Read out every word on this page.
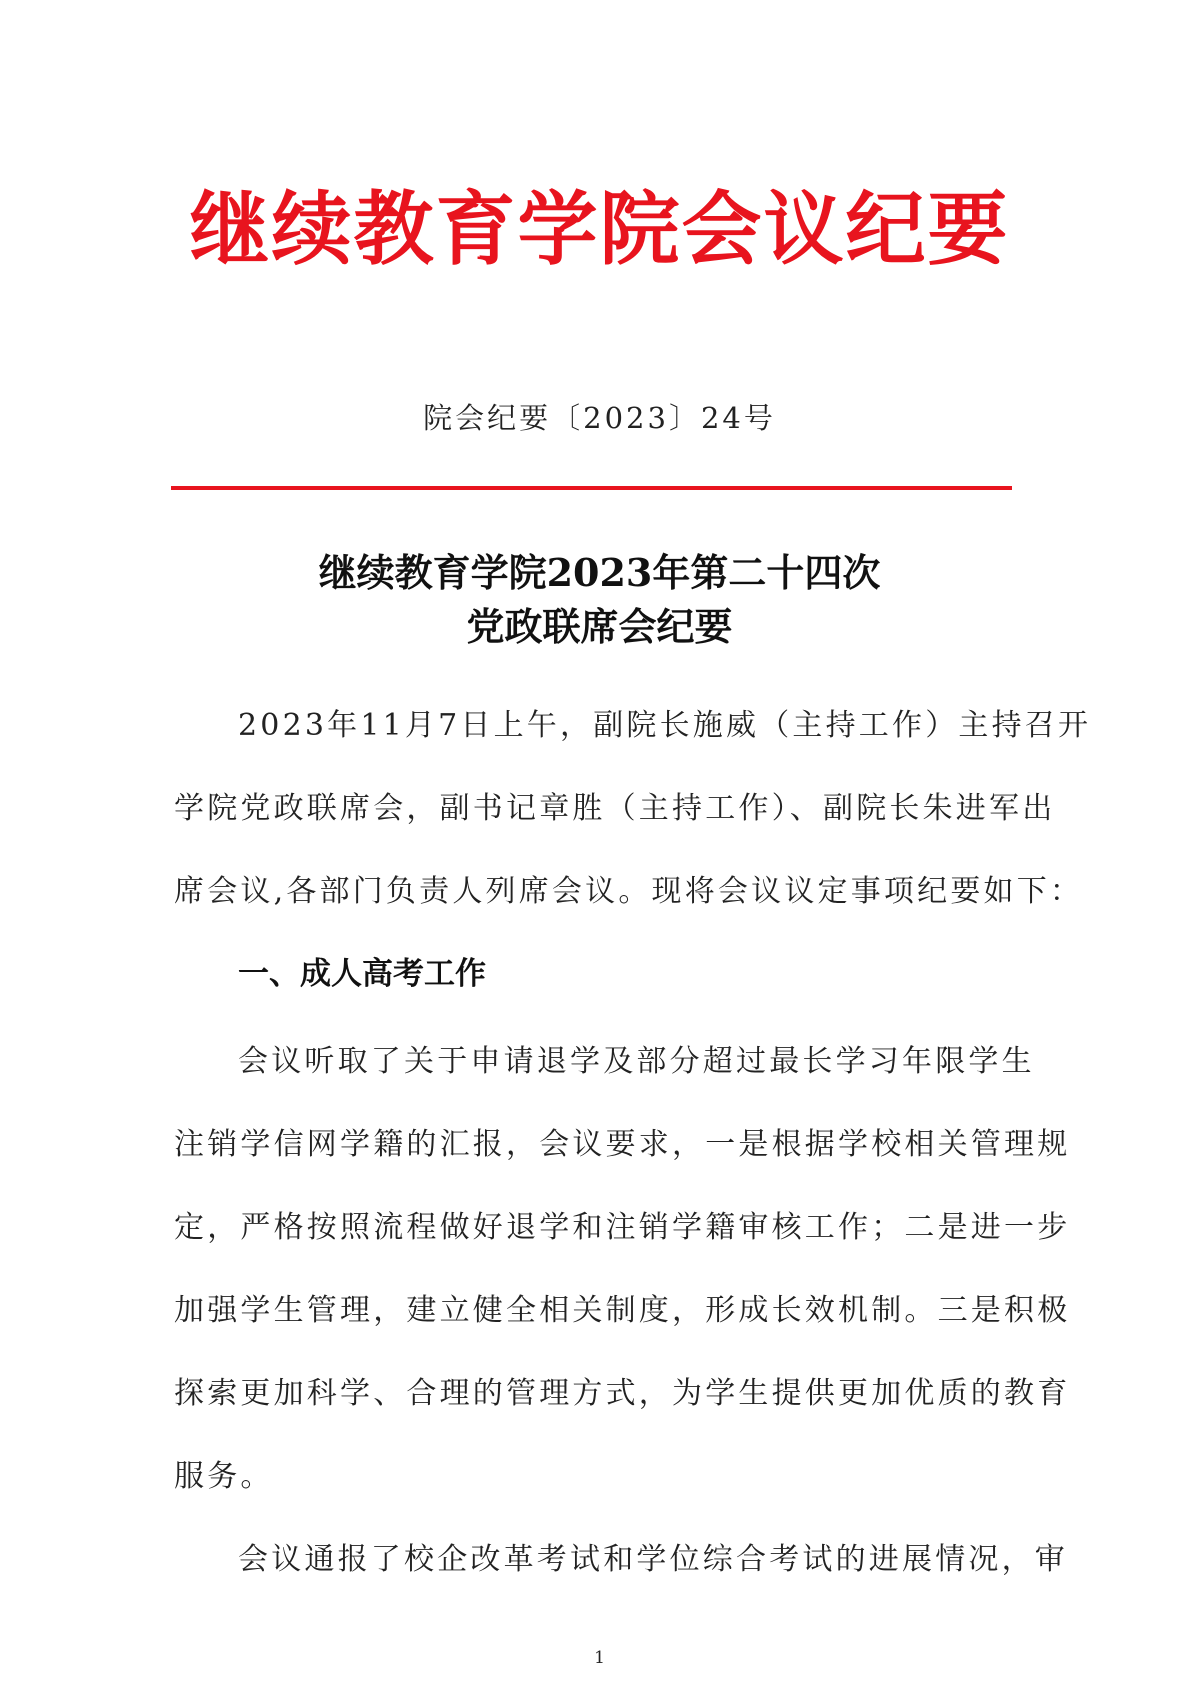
继续教育学院会议纪要
院会纪要〔2023〕24号
继续教育学院2023年第二十四次
党政联席会纪要
2023年11月7日上午，副院长施威（主持工作）主持召开
学院党政联席会，副书记章胜（主持工作）、副院长朱进军出
席会议,各部门负责人列席会议。现将会议议定事项纪要如下：
一、成人高考工作
会议听取了关于申请退学及部分超过最长学习年限学生
注销学信网学籍的汇报，会议要求，一是根据学校相关管理规
定，严格按照流程做好退学和注销学籍审核工作；二是进一步
加强学生管理，建立健全相关制度，形成长效机制。三是积极
探索更加科学、合理的管理方式，为学生提供更加优质的教育
服务。
会议通报了校企改革考试和学位综合考试的进展情况，审
1
